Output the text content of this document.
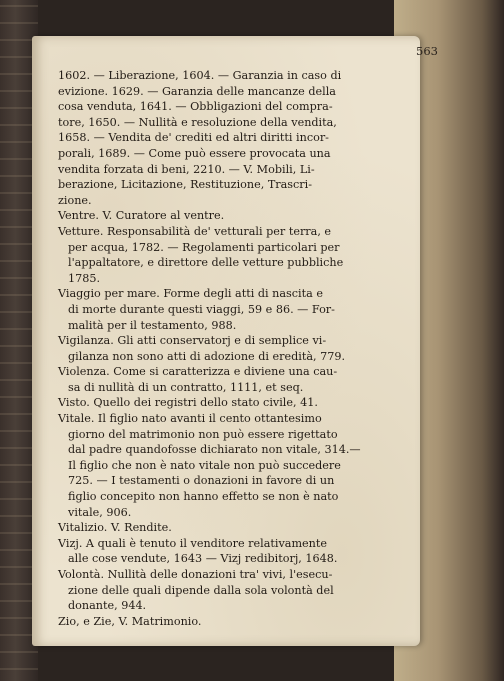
563
1602. — Liberazione, 1604. — Garanzia in caso di
evizione. 1629. — Garanzia delle mancanze della
cosa venduta, 1641. — Obbligazioni del compra-
tore, 1650. — Nullità e resoluzione della vendita,
1658. — Vendita de' crediti ed altri diritti incor-
porali, 1689. — Come può essere provocata una
vendita forzata di beni, 2210. — V. Mobili, Li-
berazione, Licitazione, Restituzione, Trascri-
zione.
Ventre. V. Curatore al ventre.
Vetture. Responsabilità de' vetturali per terra, e
per acqua, 1782. — Regolamenti particolari per
l'appaltatore, e direttore delle vetture pubbliche
1785.
Viaggio per mare. Forme degli atti di nascita e
di morte durante questi viaggi, 59 e 86. — For-
malità per il testamento, 988.
Vigilanza. Gli atti conservatorj e di semplice vi-
gilanza non sono atti di adozione di eredità, 779.
Violenza. Come si caratterizza e diviene una cau-
sa di nullità di un contratto, 1111, et seq.
Visto. Quello dei registri dello stato civile, 41.
Vitale. Il figlio nato avanti il cento ottantesimo
giorno del matrimonio non può essere rigettato
dal padre quandofosse dichiarato non vitale, 314.—
Il figlio che non è nato vitale non può succedere
725. — I testamenti o donazioni in favore di un
figlio concepito non hanno effetto se non è nato
vitale, 906.
Vitalizio. V. Rendite.
Vizj. A quali è tenuto il venditore relativamente
alle cose vendute, 1643 — Vizj redibitorj, 1648.
Volontà. Nullità delle donazioni tra' vivi, l'esecu-
zione delle quali dipende dalla sola volontà del
donante, 944.
Zio, e Zie, V. Matrimonio.
